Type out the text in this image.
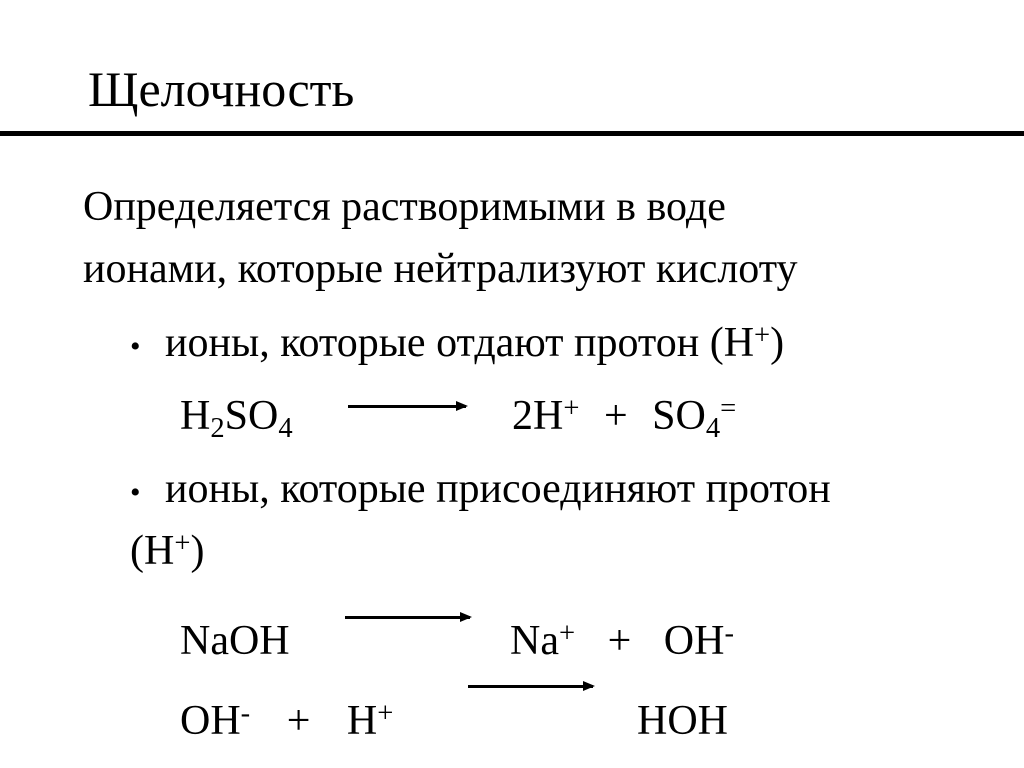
Щелочность
Определяется растворимыми в воде
ионами, которые нейтрализуют кислоту
• ионы, которые отдают протон (H+)
$H_2SO_4$	$2H^+ + SO_4^=$
• ионы, которые присоединяют протон
(H+)
NaOH	Na+ + OH-
OH- + H+	HOH
